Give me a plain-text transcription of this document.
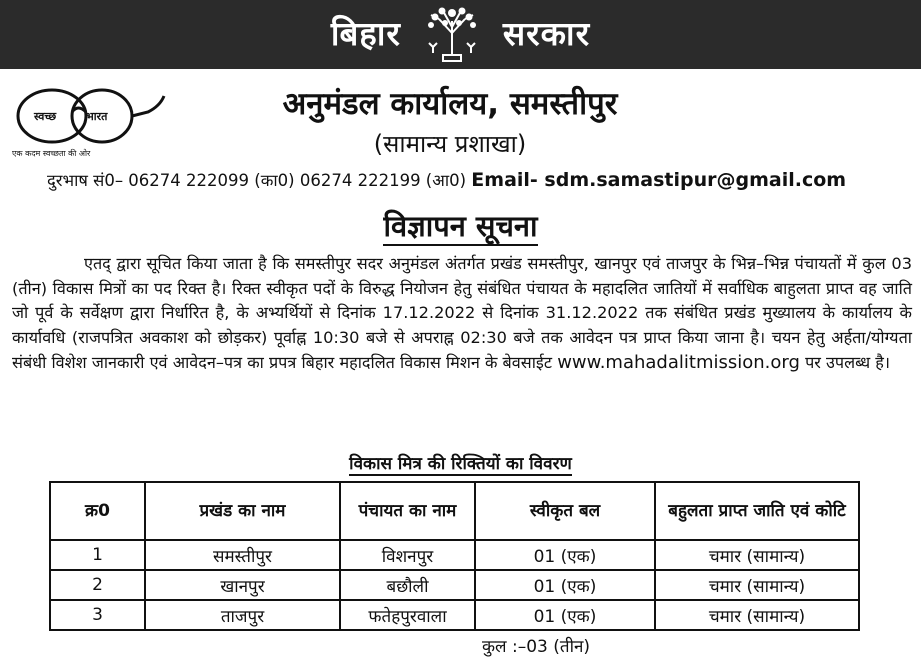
बिहार	सरकार
स्वच्छ	भारत
एक कदम स्वच्छता की ओर
अनुमंडल कार्यालय, समस्तीपुर
(सामान्य प्रशाखा)
दुरभाष सं0– 06274 222099 (का0) 06274 222199 (आ0) Email- sdm.samastipur@gmail.com
विज्ञापन सूचना
एतद् द्वारा सूचित किया जाता है कि समस्तीपुर सदर अनुमंडल अंतर्गत प्रखंड समस्तीपुर, खानपुर एवं ताजपुर के भिन्न–भिन्न पंचायतों में कुल 03 (तीन) विकास मित्रों का पद रिक्त है। रिक्त स्वीकृत पदों के विरुद्ध नियोजन हेतु संबंधित पंचायत के महादलित जातियों में सर्वाधिक बाहुलता प्राप्त वह जाति जो पूर्व के सर्वेक्षण द्वारा निर्धारित है, के अभ्यर्थियों से दिनांक 17.12.2022 से दिनांक 31.12.2022 तक संबंधित प्रखंड मुख्यालय के कार्यालय के कार्यावधि (राजपत्रित अवकाश को छोड़कर) पूर्वाह्न 10:30 बजे से अपराह्न 02:30 बजे तक आवेदन पत्र प्राप्त किया जाना है। चयन हेतु अर्हता/योग्यता संबंधी विशेश जानकारी एवं आवेदन–पत्र का प्रपत्र बिहार महादलित विकास मिशन के बेवसाईट www.mahadalitmission.org पर उपलब्ध है।
विकास मित्र की रिक्तियों का विवरण
क्र0	प्रखंड का नाम	पंचायत का नाम	स्वीकृत बल	बहुलता प्राप्त जाति एवं कोटि
1	समस्तीपुर	विशनपुर	01 (एक)	चमार (सामान्य)
2	खानपुर	बछौली	01 (एक)	चमार (सामान्य)
3	ताजपुर	फतेहपुरवाला	01 (एक)	चमार (सामान्य)
कुल :–03 (तीन)
